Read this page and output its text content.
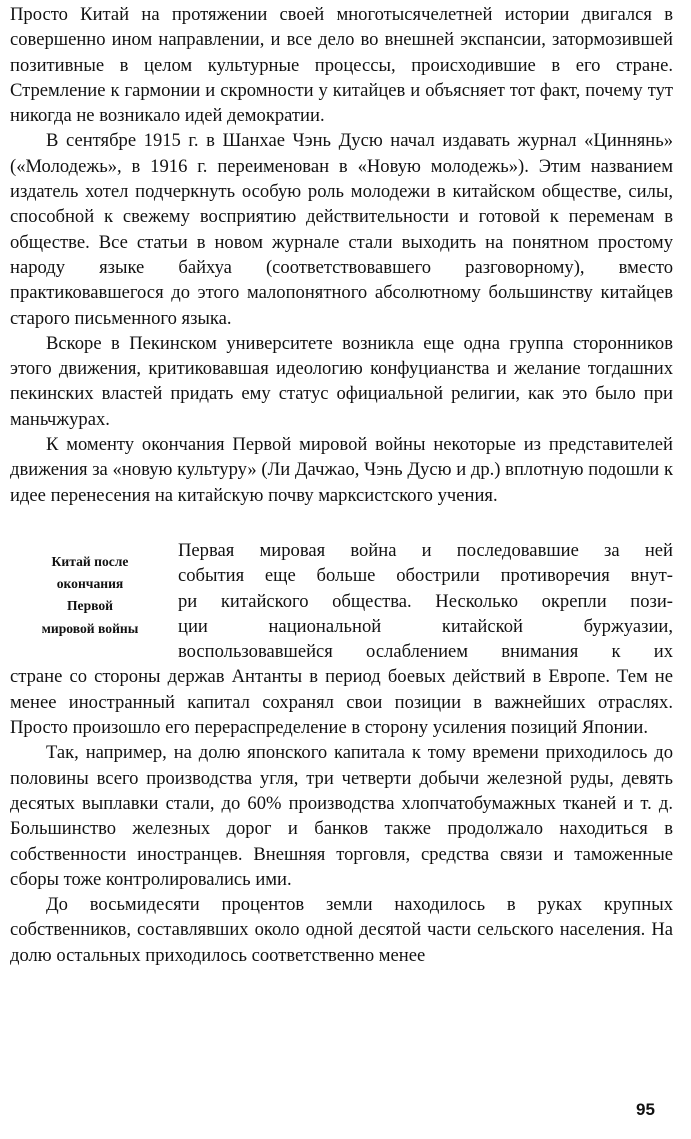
Просто Китай на протяжении своей многотысячелетней истории двигался в совершенно ином направлении, и все дело во внешней экспансии, затормозившей позитивные в целом культурные процессы, происходившие в его стране. Стремление к гармонии и скромности у китайцев и объясняет тот факт, почему тут никогда не возникало идей демократии.

В сентябре 1915 г. в Шанхае Чэнь Дусю начал издавать журнал «Циннянь» («Молодежь», в 1916 г. переименован в «Новую молодежь»). Этим названием издатель хотел подчеркнуть особую роль молодежи в китайском обществе, силы, способной к свежему восприятию действительности и готовой к переменам в обществе. Все статьи в новом журнале стали выходить на понятном простому народу языке байхуа (соответствовавшего разговорному), вместо практиковавшегося до этого малопонятного абсолютному большинству китайцев старого письменного языка.

Вскоре в Пекинском университете возникла еще одна группа сторонников этого движения, критиковавшая идеологию конфуцианства и желание тогдашних пекинских властей придать ему статус официальной религии, как это было при маньчжурах.

К моменту окончания Первой мировой войны некоторые из представителей движения за «новую культуру» (Ли Дачжао, Чэнь Дусю и др.) вплотную подошли к идее перенесения на китайскую почву марксистского учения.

Китай после
окончания
Первой
мировой войны
Первая мировая война и последовавшие за ней
события еще больше обострили противоречия внут-
ри китайского общества. Несколько окрепли пози-
ции национальной китайской буржуазии,
воспользовавшейся ослаблением внимания к их

стране со стороны держав Антанты в период боевых действий в Европе. Тем не менее иностранный капитал сохранял свои позиции в важнейших отраслях. Просто произошло его перераспределение в сторону усиления позиций Японии.

Так, например, на долю японского капитала к тому времени приходилось до половины всего производства угля, три четверти добычи железной руды, девять десятых выплавки стали, до 60% производства хлопчатобумажных тканей и т. д. Большинство железных дорог и банков также продолжало находиться в собственности иностранцев. Внешняя торговля, средства связи и таможенные сборы тоже контролировались ими.

До восьмидесяти процентов земли находилось в руках крупных собственников, составлявших около одной десятой части сельского населения. На долю остальных приходилось соответственно менее

95
